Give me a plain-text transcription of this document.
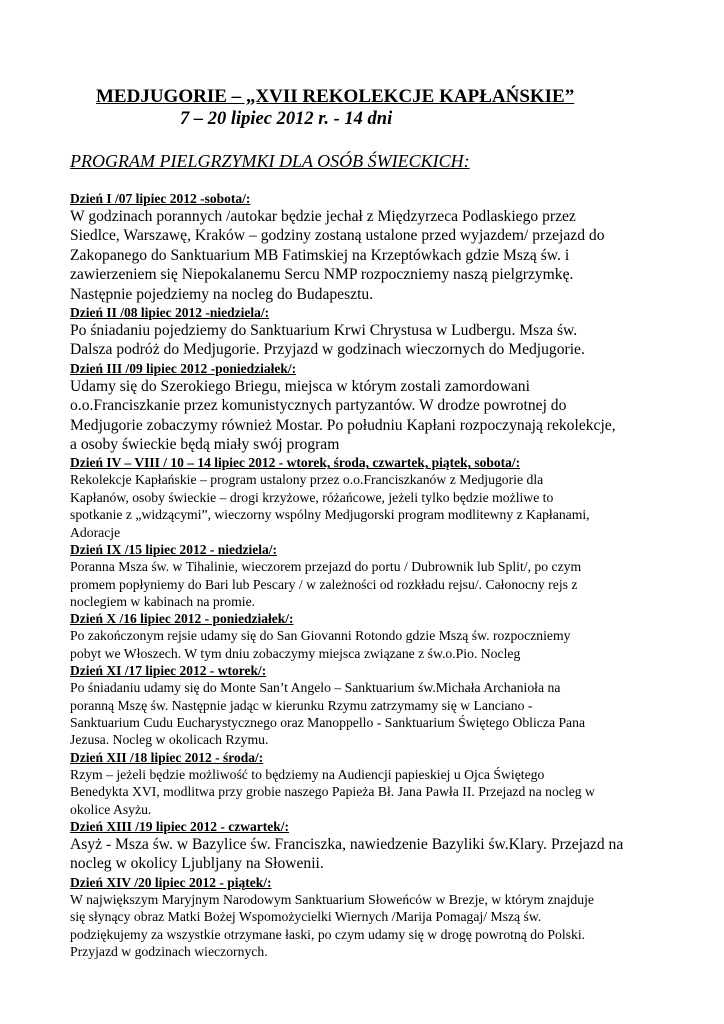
MEDJUGORIE – „XVII REKOLEKCJE KAPŁAŃSKIE”
7 – 20 lipiec 2012 r. - 14 dni
PROGRAM PIELGRZYMKI DLA OSÓB ŚWIECKICH:
Dzień I /07 lipiec 2012 -sobota/:
W godzinach porannych /autokar będzie jechał z Międzyrzeca Podlaskiego przez
Siedlce, Warszawę, Kraków – godziny zostaną ustalone przed wyjazdem/ przejazd do
Zakopanego do Sanktuarium MB Fatimskiej na Krzeptówkach gdzie Mszą św. i
zawierzeniem się Niepokalanemu Sercu NMP rozpoczniemy naszą pielgrzymkę.
Następnie pojedziemy na nocleg do Budapesztu.
Dzień II /08 lipiec 2012 -niedziela/:
Po śniadaniu pojedziemy do Sanktuarium Krwi Chrystusa w Ludbergu. Msza św.
Dalsza podróż do Medjugorie. Przyjazd w godzinach wieczornych do Medjugorie.
Dzień III /09 lipiec 2012 -poniedziałek/:
Udamy się do Szerokiego Briegu, miejsca w którym zostali zamordowani
o.o.Franciszkanie przez komunistycznych partyzantów. W drodze powrotnej do
Medjugorie zobaczymy również Mostar. Po południu Kapłani rozpoczynają rekolekcje,
a osoby świeckie będą miały swój program
Dzień IV – VIII / 10 – 14 lipiec 2012 - wtorek, środa, czwartek, piątek, sobota/:
Rekolekcje Kapłańskie – program ustalony przez o.o.Franciszkanów z Medjugorie dla
Kapłanów, osoby świeckie – drogi krzyżowe, różańcowe, jeżeli tylko będzie możliwe to
spotkanie z „widzącymi”, wieczorny wspólny Medjugorski program modlitewny z Kapłanami,
Adoracje
Dzień IX /15 lipiec 2012 - niedziela/:
Poranna Msza św. w Tihalinie, wieczorem przejazd do portu / Dubrownik lub Split/, po czym
promem popłyniemy do Bari lub Pescary / w zależności od rozkładu rejsu/. Całonocny rejs z
noclegiem w kabinach na promie.
Dzień X /16 lipiec 2012 - poniedziałek/:
Po zakończonym rejsie udamy się do San Giovanni Rotondo gdzie Mszą św. rozpoczniemy
pobyt we Włoszech. W tym dniu zobaczymy miejsca związane z św.o.Pio. Nocleg
Dzień XI /17 lipiec 2012 - wtorek/:
Po śniadaniu udamy się do Monte San’t Angelo – Sanktuarium św.Michała Archanioła na
poranną Mszę św. Następnie jadąc w kierunku Rzymu zatrzymamy się w Lanciano -
Sanktuarium Cudu Eucharystycznego oraz Manoppello - Sanktuarium Świętego Oblicza Pana
Jezusa. Nocleg w okolicach Rzymu.
Dzień XII /18 lipiec 2012 - środa/:
Rzym – jeżeli będzie możliwość to będziemy na Audiencji papieskiej u Ojca Świętego
Benedykta XVI, modlitwa przy grobie naszego Papieża Bł. Jana Pawła II. Przejazd na nocleg w
okolice Asyżu.
Dzień XIII /19 lipiec 2012 - czwartek/:
Asyż - Msza św. w Bazylice św. Franciszka, nawiedzenie Bazyliki św.Klary. Przejazd na
nocleg w okolicy Ljubljany na Słowenii.
Dzień XIV /20 lipiec 2012 - piątek/:
W największym Maryjnym Narodowym Sanktuarium Słoweńców w Brezje, w którym znajduje
się słynący obraz Matki Bożej Wspomożycielki Wiernych /Marija Pomagaj/ Mszą św.
podziękujemy za wszystkie otrzymane łaski, po czym udamy się w drogę powrotną do Polski.
Przyjazd w godzinach wieczornych.
